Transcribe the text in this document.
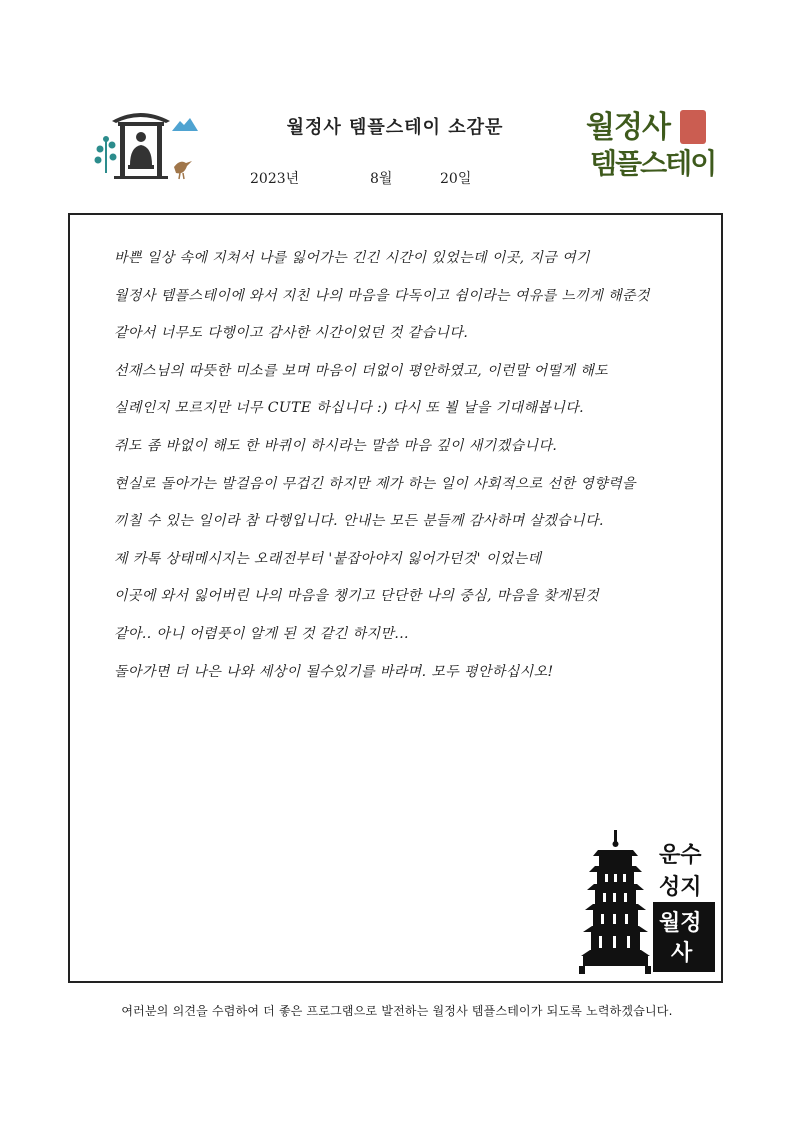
월정사 템플스테이 소감문
2023년	8월	20일
월정사
템플스테이
바쁜 일상 속에 지쳐서 나를 잃어가는 긴긴 시간이 있었는데 이곳, 지금 여기
월정사 템플스테이에 와서 지친 나의 마음을 다독이고 쉼이라는 여유를 느끼게 해준것
같아서 너무도 다행이고 감사한 시간이었던 것 같습니다.
선재스님의 따뜻한 미소를 보며 마음이 더없이 평안하였고, 이런말 어떨게 해도
실례인지 모르지만 너무 CUTE 하십니다 :) 다시 또 뵐 날을 기대해봅니다.
쥐도 좀 바없이 해도 한 바퀴이 하시라는 말씀 마음 깊이 새기겠습니다.
현실로 돌아가는 발걸음이 무겁긴 하지만 제가 하는 일이 사회적으로 선한 영향력을
끼칠 수 있는 일이라 참 다행입니다. 안내는 모든 분들께 감사하며 살겠습니다.
제 카톡 상태메시지는 오래전부터 '붙잡아야지 잃어가던것' 이었는데
이곳에 와서 잃어버린 나의 마음을 챙기고 단단한 나의 중심, 마음을 찾게된것
같아.. 아니 어렴풋이 알게 된 것 같긴 하지만...
돌아가면 더 나은 나와 세상이 될수있기를 바라며. 모두 평안하십시오!
운수
성지
월정
사
여러분의 의견을 수렴하여 더 좋은 프로그램으로 발전하는 월정사 템플스테이가 되도록 노력하겠습니다.
